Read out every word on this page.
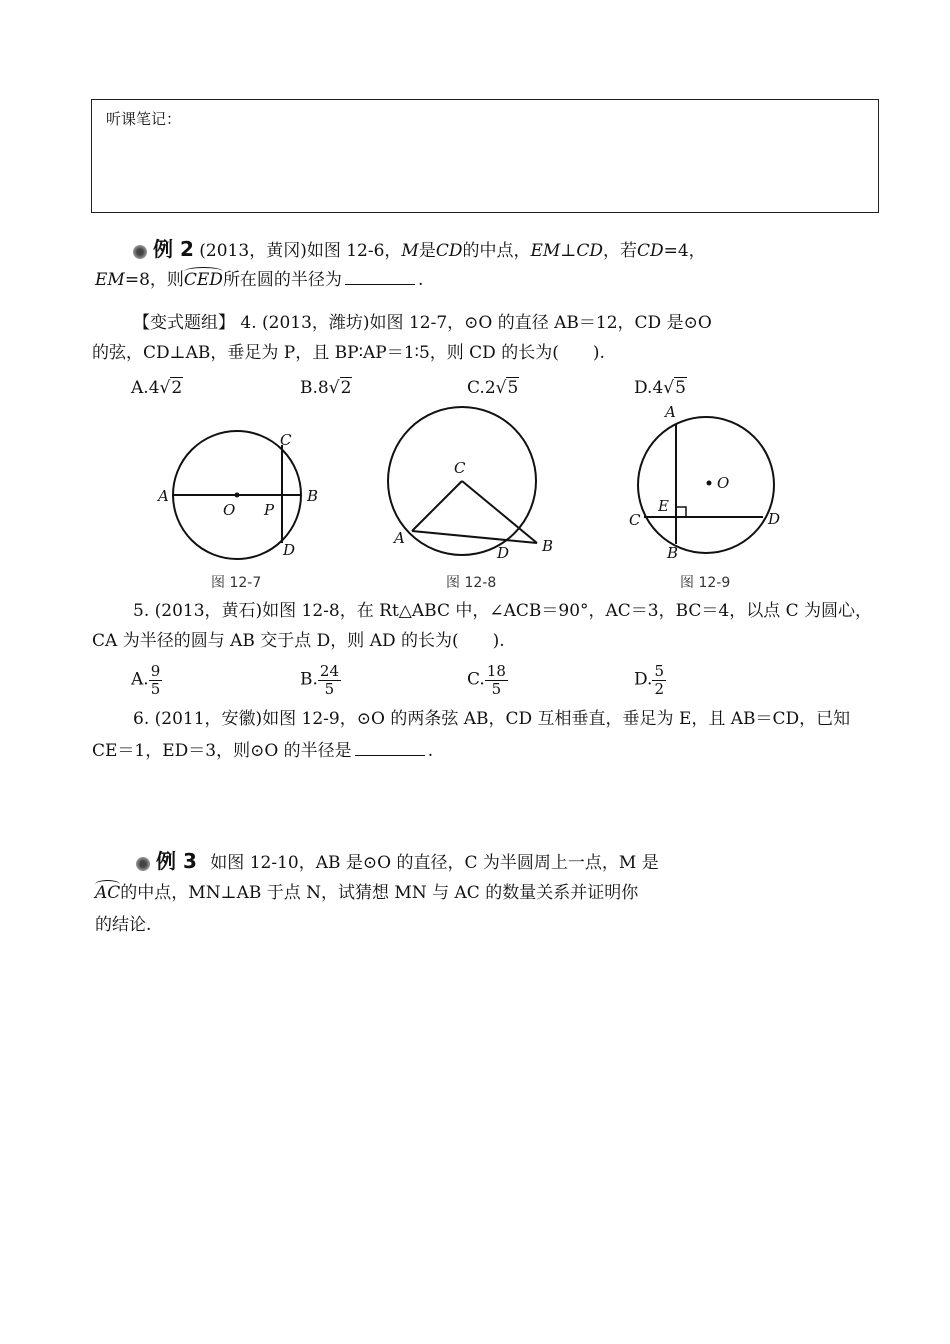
听课笔记：
例 2 (2013，黄冈)如图 12-6，M是CD的中点，EM⊥CD，若CD=4，
EM=8，则CED所在圆的半径为	.
【变式题组】 4. (2013，潍坊)如图 12-7，⊙O 的直径 AB＝12，CD 是⊙O
的弦，CD⊥AB，垂足为 P，且 BP∶AP＝1∶5，则 CD 的长为(　　).
A.4√2	B.8√2	C.2√5	D.4√5
A	B
C
D
O P
图 12-7
C
A
D B
图 12-8
A
O
E
C	D
B
图 12-9
5. (2013，黄石)如图 12-8，在 Rt△ABC 中，∠ACB＝90°，AC＝3，BC＝4，以点 C 为圆心，
CA 为半径的圆与 AB 交于点 D，则 AD 的长为(　　).
A. $\frac{9}{5}$	B. $\frac{24}{5}$	C. $\frac{18}{5}$	D. $\frac{5}{2}$
6. (2011，安徽)如图 12-9，⊙O 的两条弦 AB，CD 互相垂直，垂足为 E，且 AB＝CD，已知
CE＝1，ED＝3，则⊙O 的半径是	.
例 3 如图 12-10，AB 是⊙O 的直径，C 为半圆周上一点，M 是
AC的中点，MN⊥AB 于点 N，试猜想 MN 与 AC 的数量关系并证明你
的结论.
